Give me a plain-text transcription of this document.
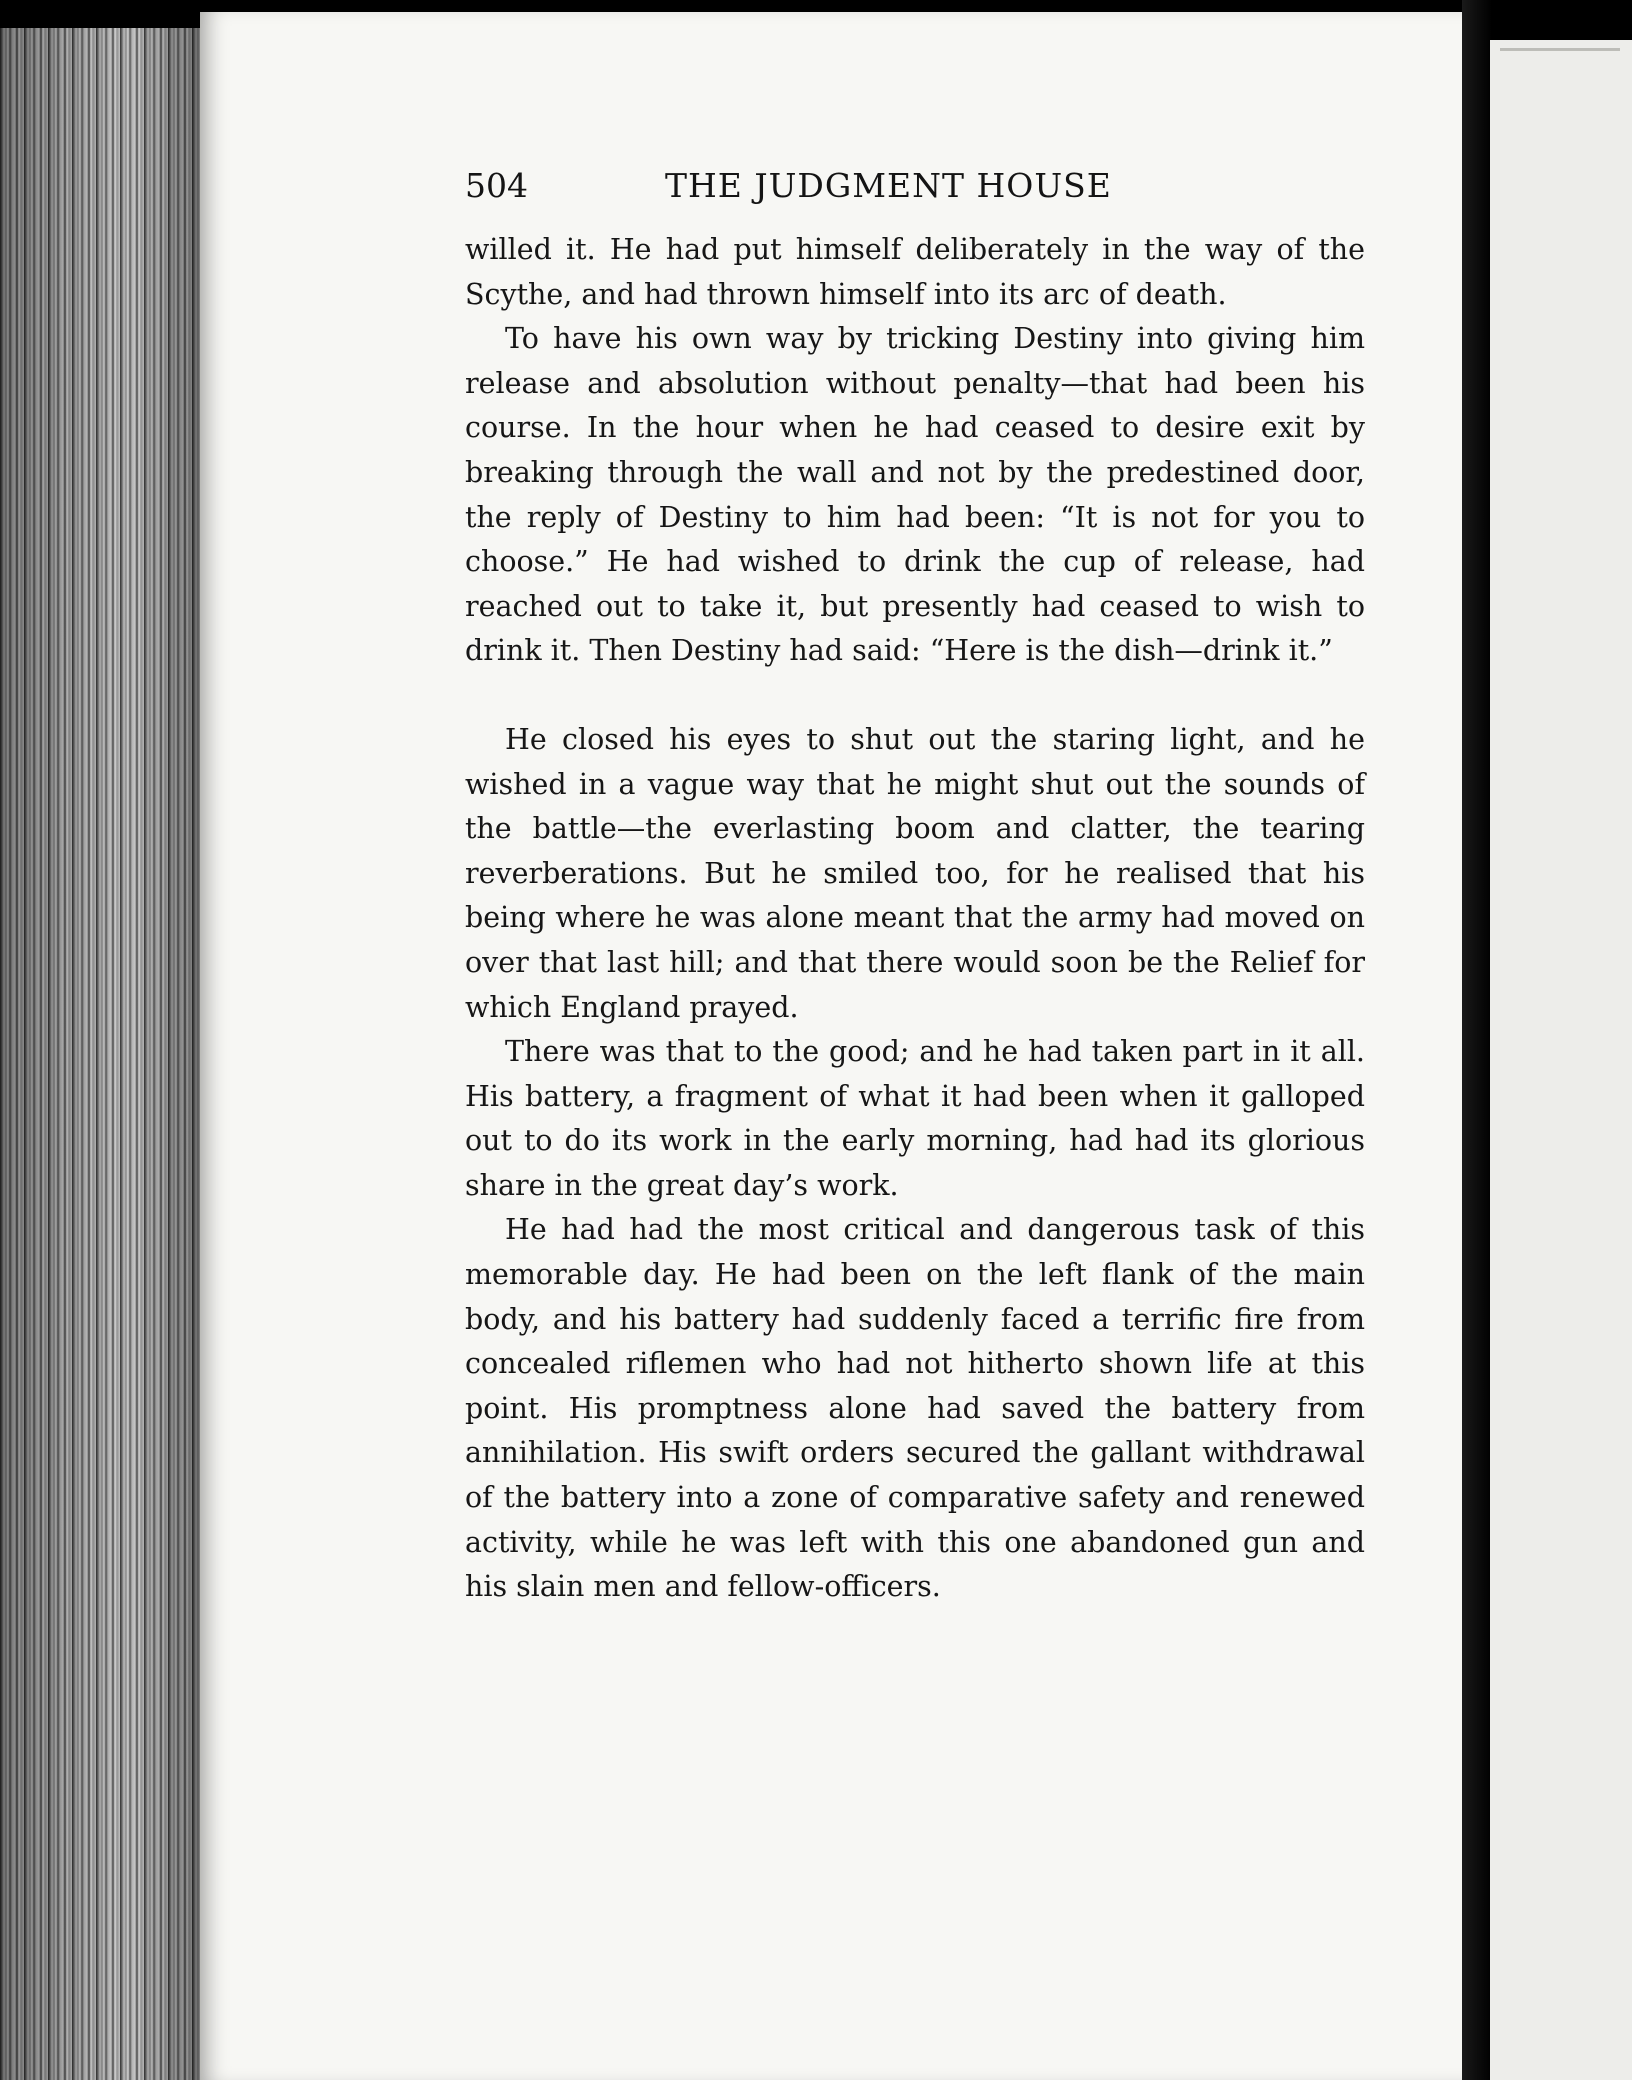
504	THE JUDGMENT HOUSE

willed it. He had put himself deliberately in the way of the Scythe, and had thrown himself into its arc of death.

To have his own way by tricking Destiny into giving him release and absolution without penalty—that had been his course. In the hour when he had ceased to desire exit by breaking through the wall and not by the predestined door, the reply of Destiny to him had been: “It is not for you to choose.” He had wished to drink the cup of release, had reached out to take it, but presently had ceased to wish to drink it. Then Destiny had said: “Here is the dish—drink it.”

He closed his eyes to shut out the staring light, and he wished in a vague way that he might shut out the sounds of the battle—the everlasting boom and clatter, the tearing reverberations. But he smiled too, for he realised that his being where he was alone meant that the army had moved on over that last hill; and that there would soon be the Relief for which England prayed.

There was that to the good; and he had taken part in it all. His battery, a fragment of what it had been when it galloped out to do its work in the early morning, had had its glorious share in the great day’s work.

He had had the most critical and dangerous task of this memorable day. He had been on the left flank of the main body, and his battery had suddenly faced a terrific fire from concealed riflemen who had not hitherto shown life at this point. His promptness alone had saved the battery from annihilation. His swift orders secured the gallant withdrawal of the battery into a zone of comparative safety and renewed activity, while he was left with this one abandoned gun and his slain men and fellow-officers.
